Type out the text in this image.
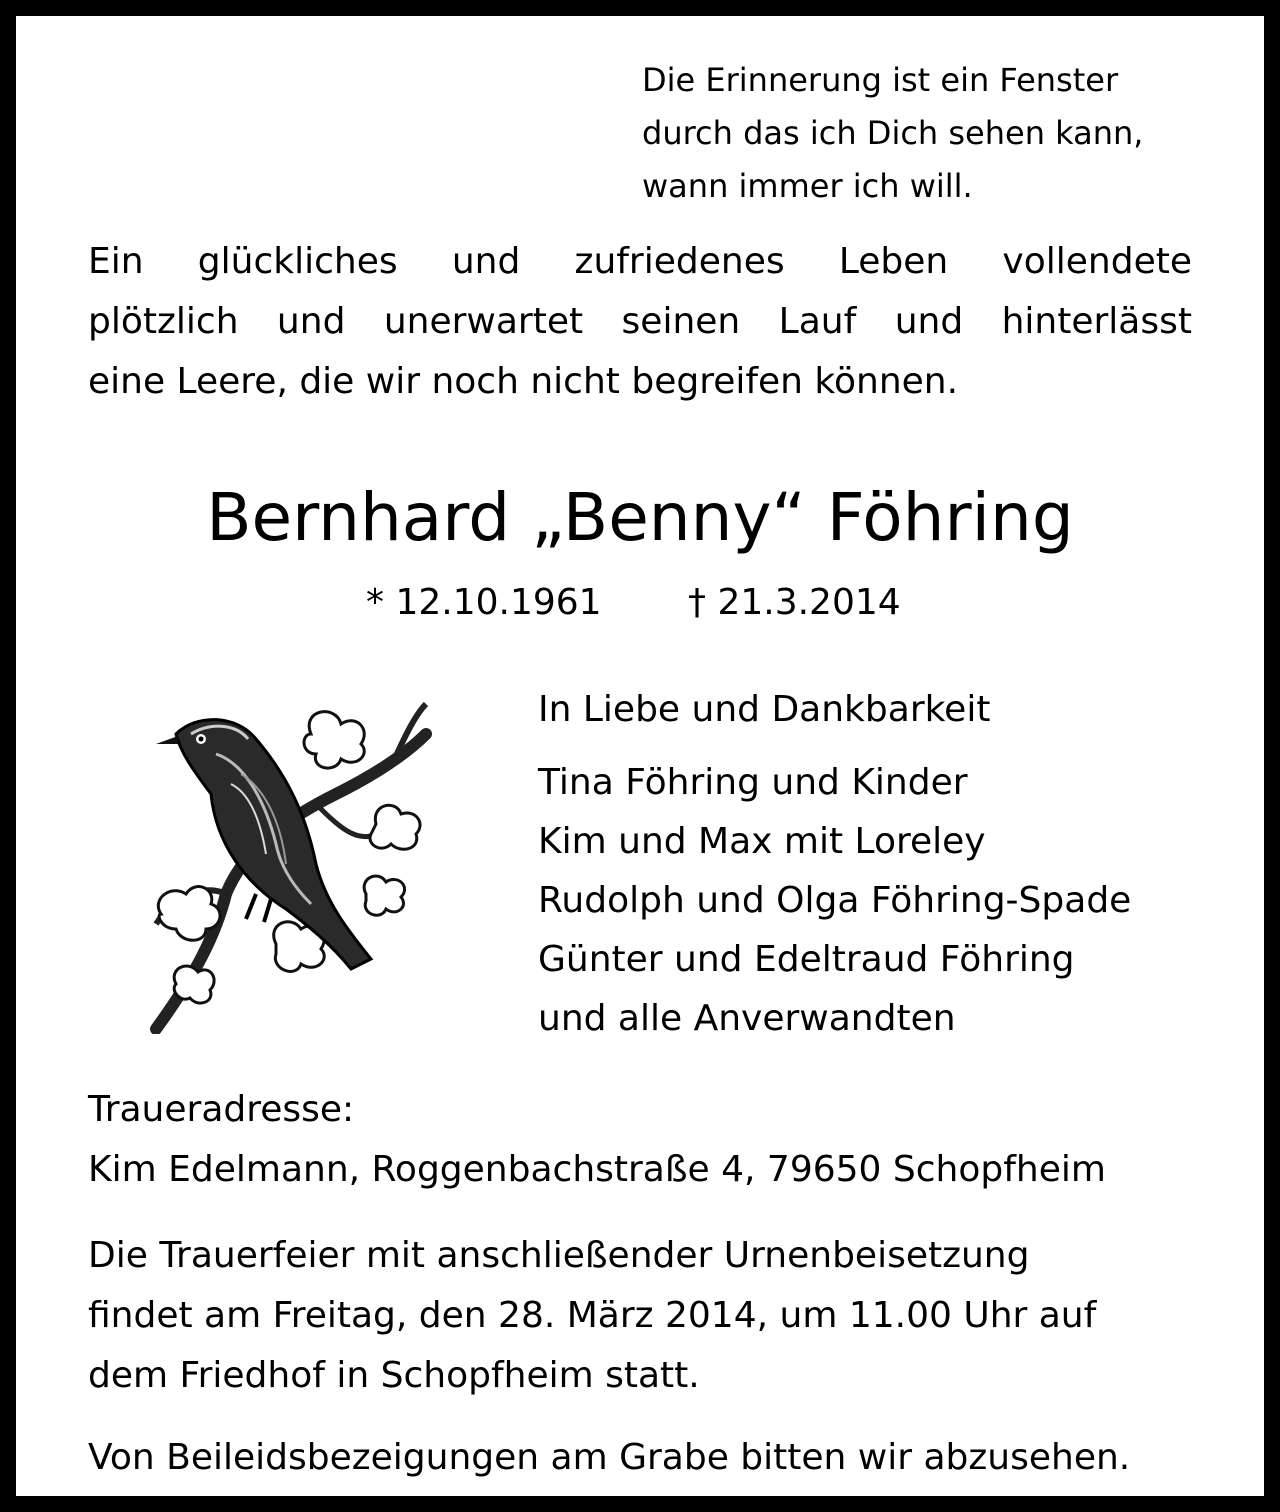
Die Erinnerung ist ein Fenster
durch das ich Dich sehen kann,
wann immer ich will.
Ein glückliches und zufriedenes Leben vollendete
plötzlich und unerwartet seinen Lauf und hinterlässt
eine Leere, die wir noch nicht begreifen können.
Bernhard „Benny“ Föhring
* 12.10.1961 † 21.3.2014
In Liebe und Dankbarkeit
Tina Föhring und Kinder
Kim und Max mit Loreley
Rudolph und Olga Föhring-Spade
Günter und Edeltraud Föhring
und alle Anverwandten
Traueradresse:
Kim Edelmann, Roggenbachstraße 4, 79650 Schopfheim
Die Trauerfeier mit anschließender Urnenbeisetzung
findet am Freitag, den 28. März 2014, um 11.00 Uhr auf
dem Friedhof in Schopfheim statt.
Von Beileidsbezeigungen am Grabe bitten wir abzusehen.
